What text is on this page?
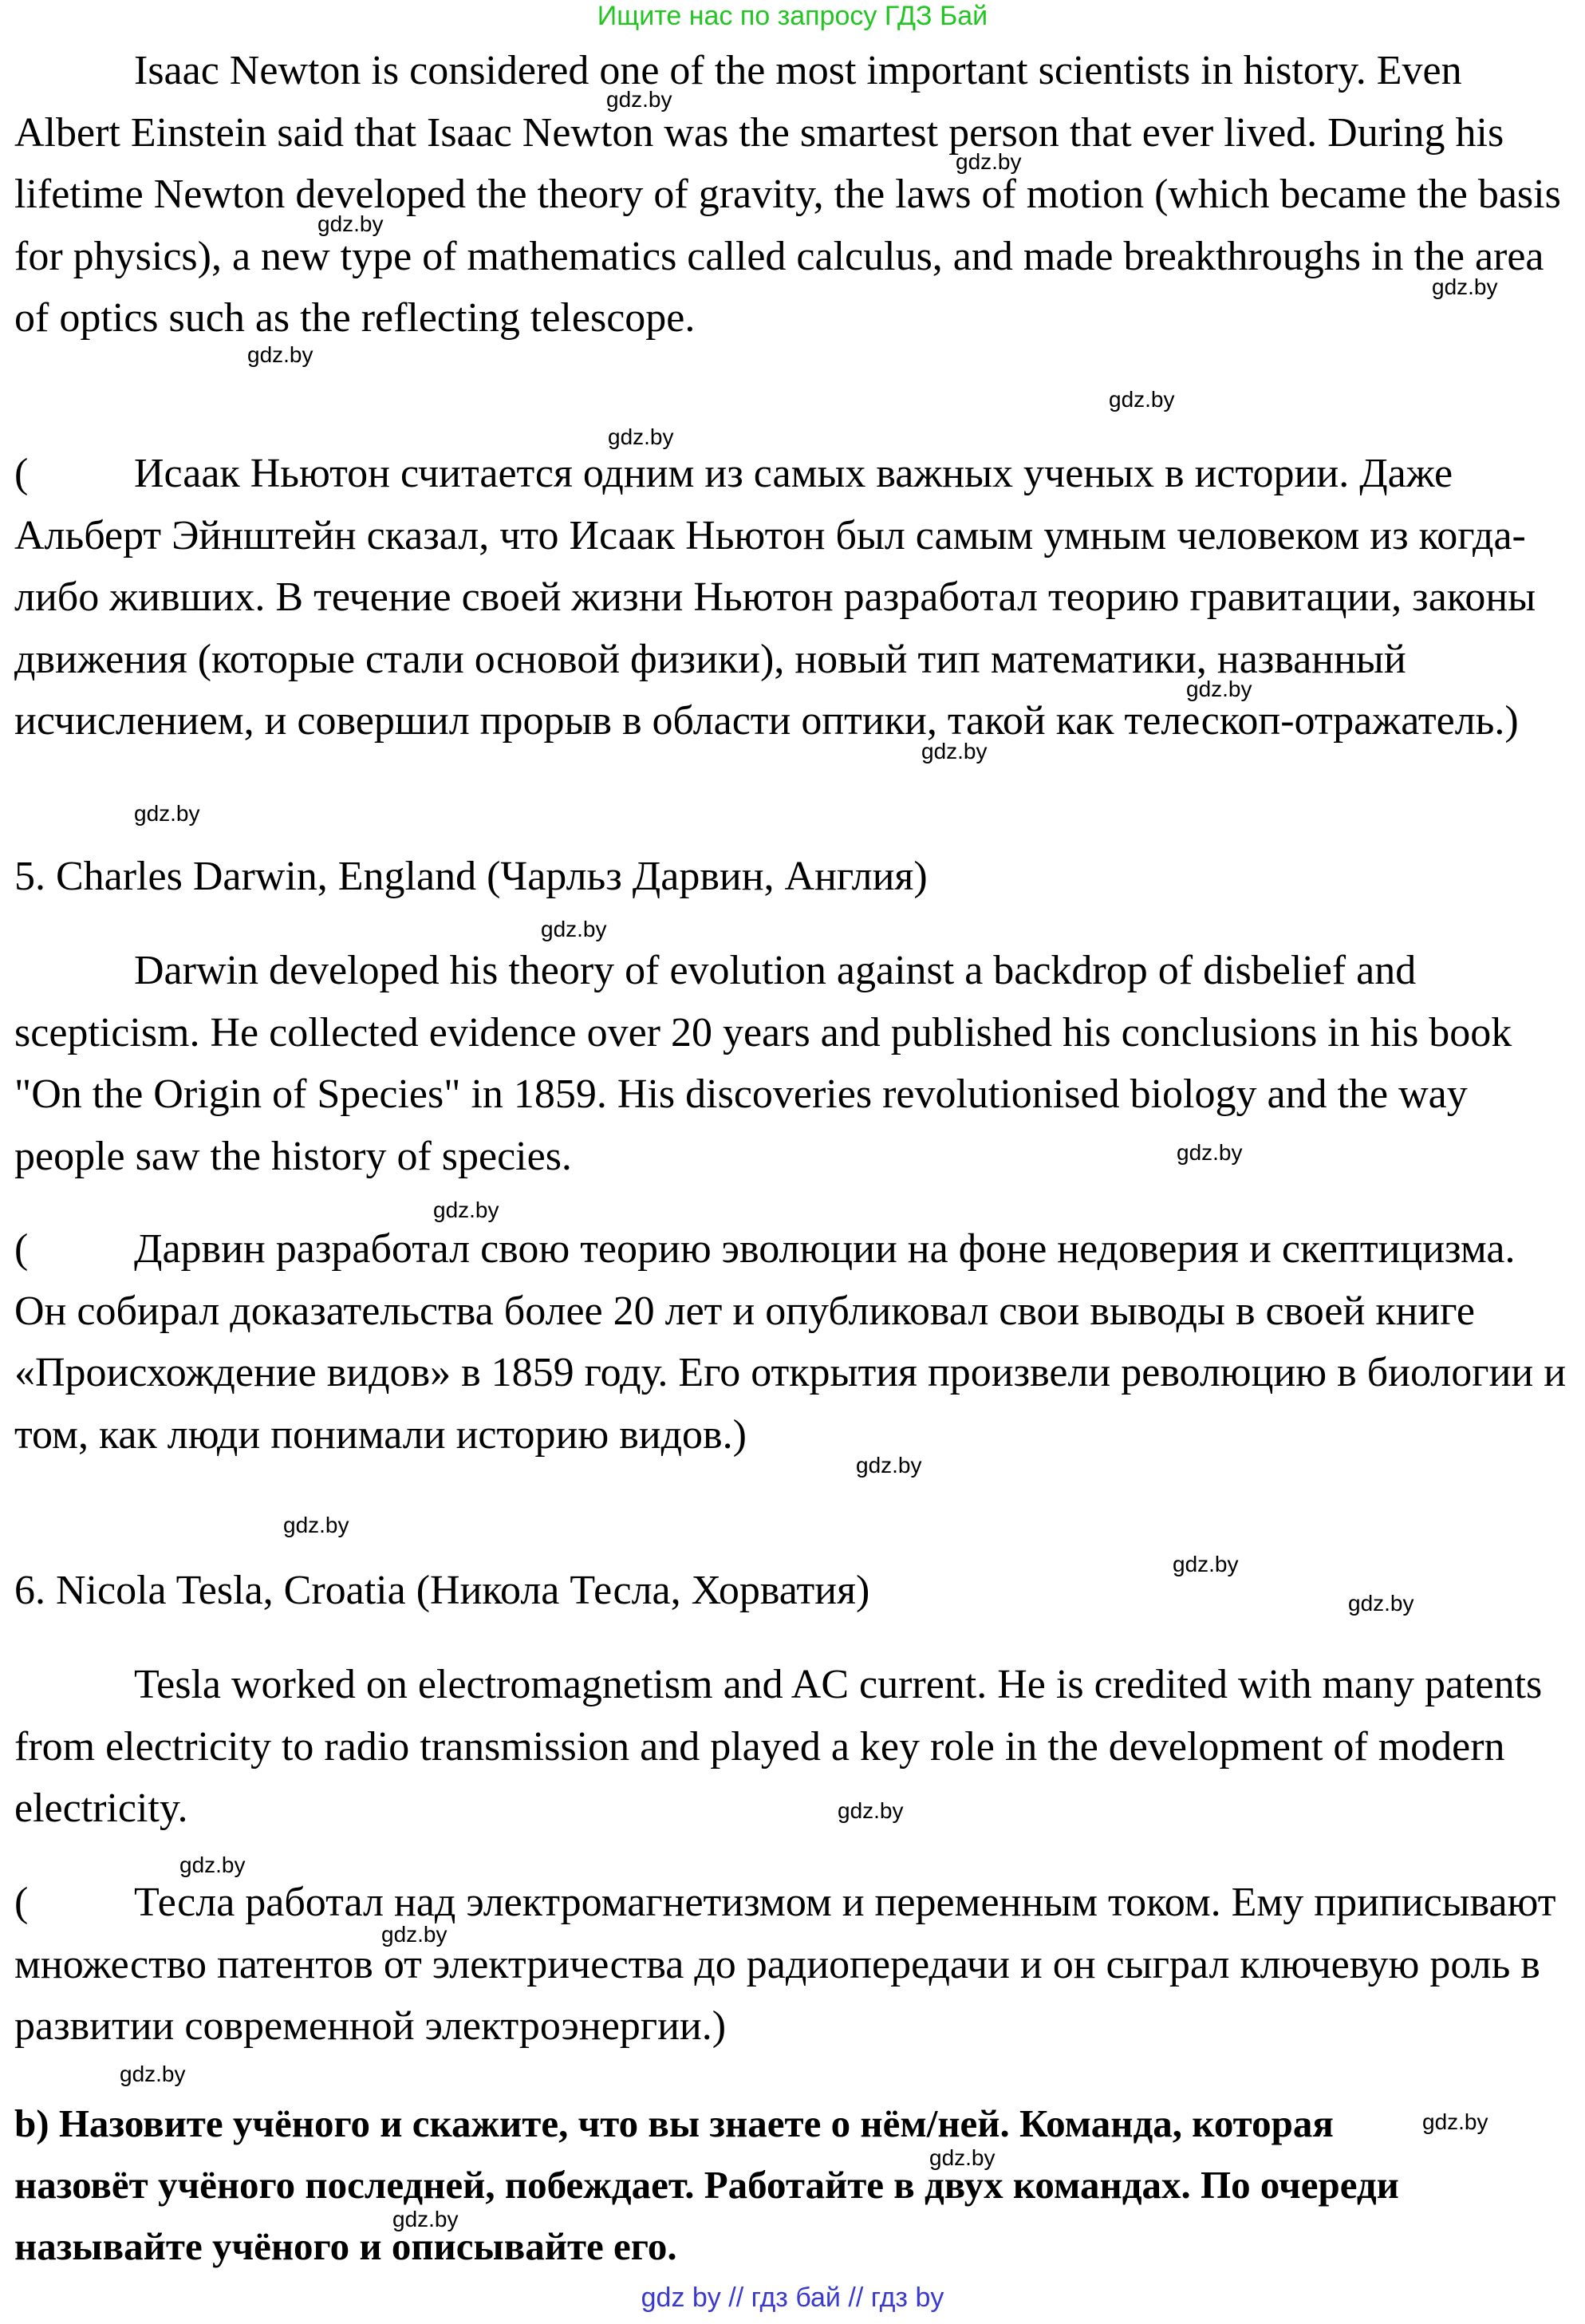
Ищите нас по запросу ГДЗ Бай

Isaac Newton is considered one of the most important scientists in history. Even Albert Einstein said that Isaac Newton was the smartest person that ever lived. During his lifetime Newton developed the theory of gravity, the laws of motion (which became the basis for physics), a new type of mathematics called calculus, and made breakthroughs in the area of optics such as the reflecting telescope.

(	Исаак Ньютон считается одним из самых важных ученых в истории. Даже Альберт Эйнштейн сказал, что Исаак Ньютон был самым умным человеком из когда-либо живших. В течение своей жизни Ньютон разработал теорию гравитации, законы движения (которые стали основой физики), новый тип математики, названный исчислением, и совершил прорыв в области оптики, такой как телескоп-отражатель.)
5. Charles Darwin, England (Чарльз Дарвин, Англия)

Darwin developed his theory of evolution against a backdrop of disbelief and scepticism. He collected evidence over 20 years and published his conclusions in his book "On the Origin of Species" in 1859. His discoveries revolutionised biology and the way people saw the history of species.

(	Дарвин разработал свою теорию эволюции на фоне недоверия и скептицизма. Он собирал доказательства более 20 лет и опубликовал свои выводы в своей книге «Происхождение видов» в 1859 году. Его открытия произвели революцию в биологии и том, как люди понимали историю видов.)
6. Nicola Tesla, Croatia (Никола Тесла, Хорватия)

Tesla worked on electromagnetism and AC current. He is credited with many patents from electricity to radio transmission and played a key role in the development of modern electricity.

(	Тесла работал над электромагнетизмом и переменным током. Ему приписывают множество патентов от электричества до радиопередачи и он сыграл ключевую роль в развитии современной электроэнергии.)
b) Назовите учёного и скажите, что вы знаете о нём/ней. Команда, которая назовёт учёного последней, побеждает. Работайте в двух командах. По очереди называйте учёного и описывайте его.
gdz.by
gdz.by
gdz.by
gdz.by
gdz.by
gdz.by
gdz.by
gdz.by
gdz.by
gdz.by
gdz.by
gdz.by
gdz.by
gdz.by
gdz.by
gdz.by
gdz.by
gdz.by
gdz.by
gdz.by
gdz.by
gdz.by
gdz.by
gdz.by
gdz by // гдз бай // гдз by
